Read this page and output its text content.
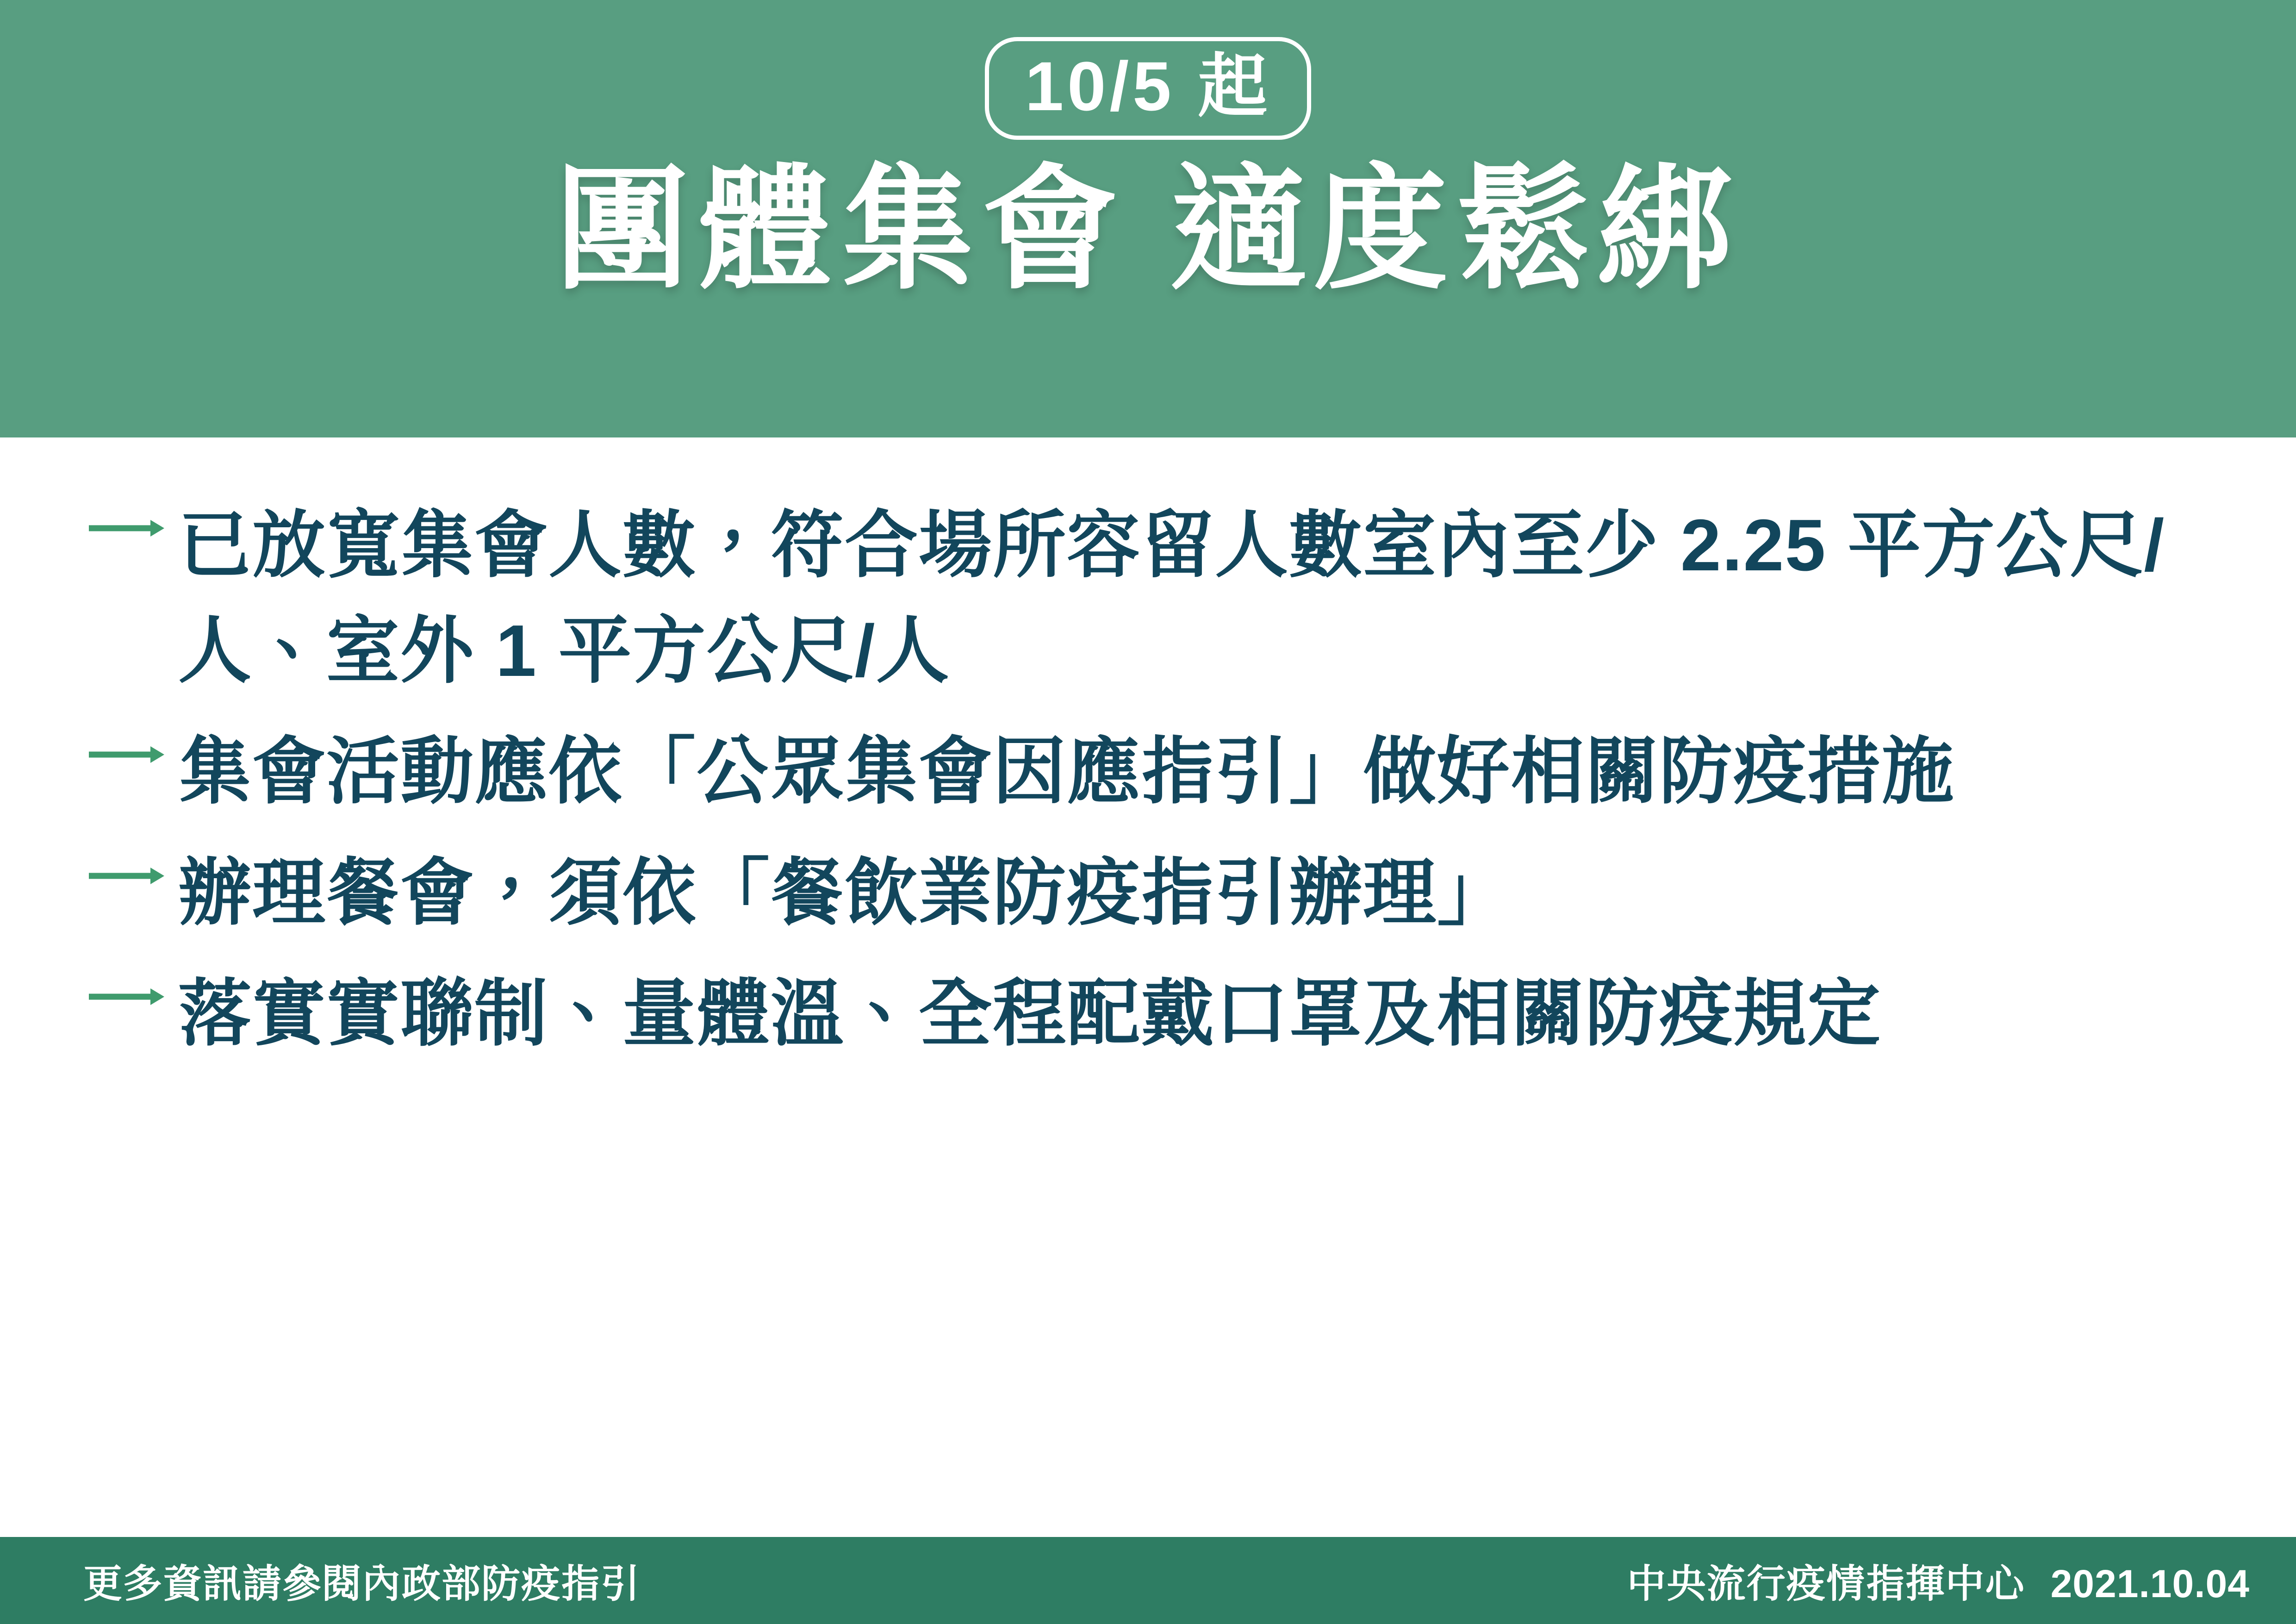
10/5 起
團體集會 適度鬆綁
已放寬集會人數，符合場所容留人數室內至少 2.25 平方公尺/人、室外 1 平方公尺/人
集會活動應依「公眾集會因應指引」做好相關防疫措施
辦理餐會，須依「餐飲業防疫指引辦理」
落實實聯制、量體溫、全程配戴口罩及相關防疫規定
更多資訊請參閱內政部防疫指引	中央流行疫情指揮中心 2021.10.04
